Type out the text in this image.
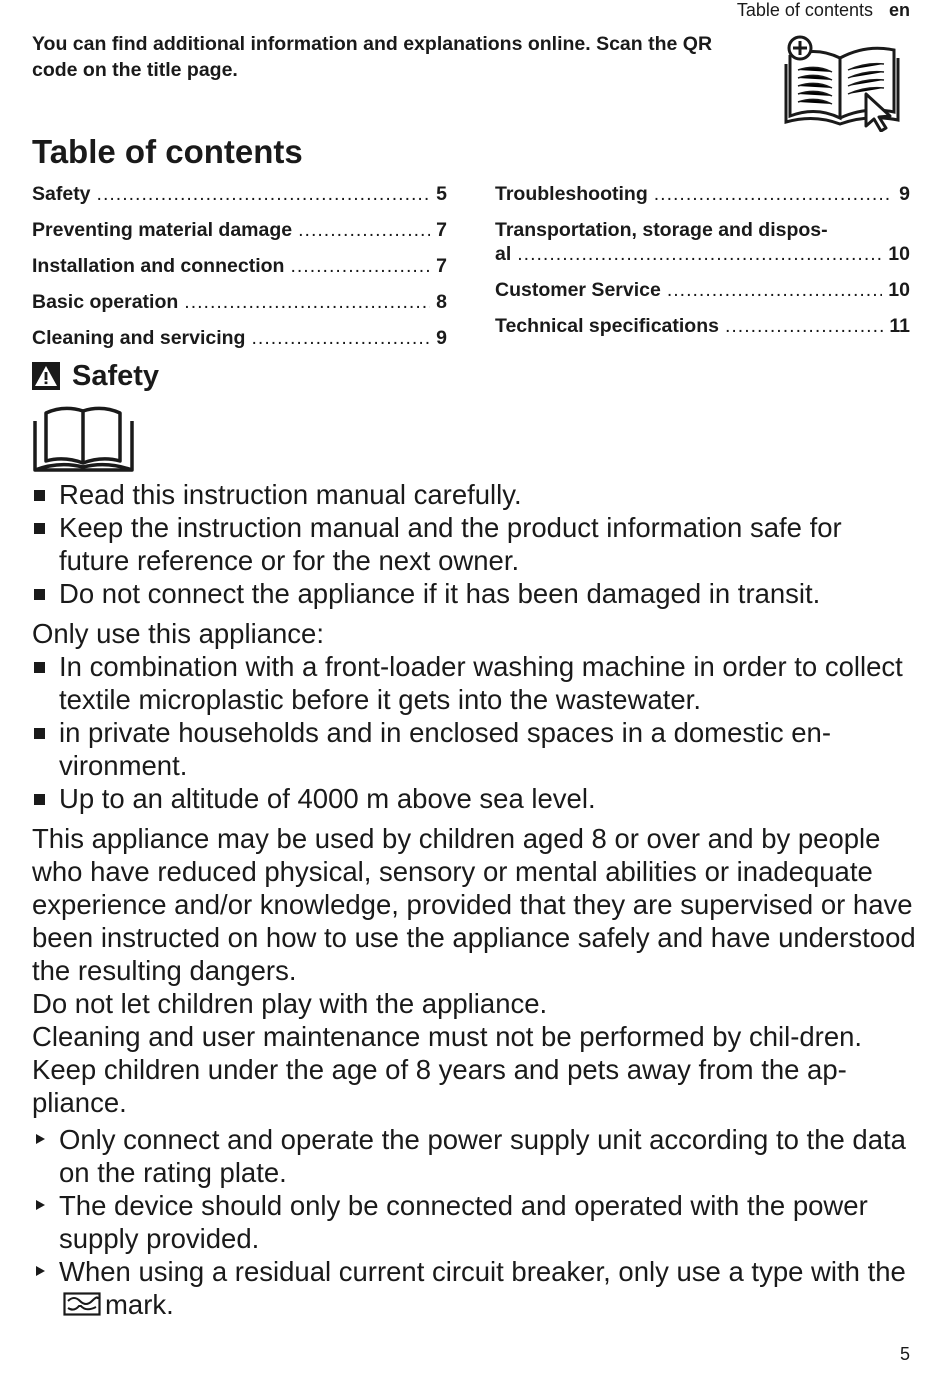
Table of contents en
You can find additional information and explanations online. Scan the QR code on the title page.
Table of contents
Safety .....	5
Preventing material damage .....	7
Installation and connection .....	7
Basic operation .....	8
Cleaning and servicing .....	9
Troubleshooting .....	9
Transportation, storage and dispos-
al .....	10
Customer Service .....	10
Technical specifications .....	11
Safety
Read this instruction manual carefully.
Keep the instruction manual and the product information safe for future reference or for the next owner.
Do not connect the appliance if it has been damaged in transit.
Only use this appliance:
In combination with a front-loader washing machine in order to collect textile microplastic before it gets into the wastewater.
in private households and in enclosed spaces in a domestic en-vironment.
Up to an altitude of 4000 m above sea level.
This appliance may be used by children aged 8 or over and by people who have reduced physical, sensory or mental abilities or inadequate experience and/or knowledge, provided that they are supervised or have been instructed on how to use the appliance safely and have understood the resulting dangers.
Do not let children play with the appliance.
Cleaning and user maintenance must not be performed by chil-dren.
Keep children under the age of 8 years and pets away from the ap-pliance.
Only connect and operate the power supply unit according to the data on the rating plate.
The device should only be connected and operated with the power supply provided.
When using a residual current circuit breaker, only use a type with themark.
5
